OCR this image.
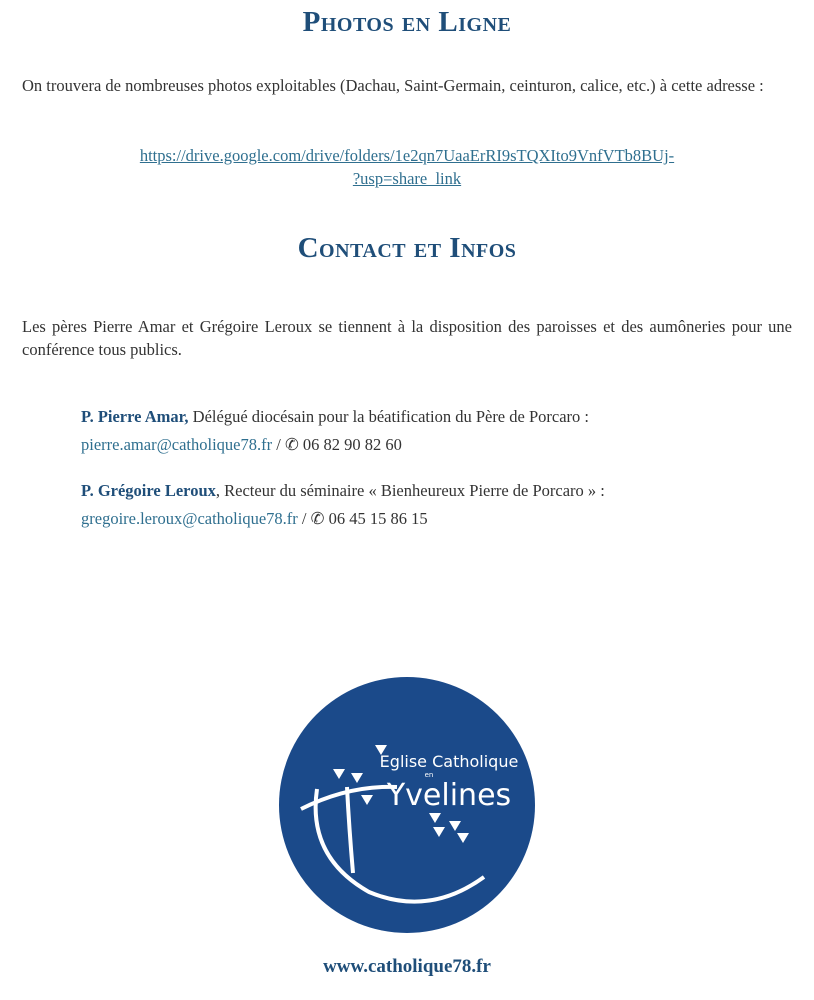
Photos en Ligne

On trouvera de nombreuses photos exploitables (Dachau, Saint-Germain, ceinturon, calice, etc.) à cette adresse :

https://drive.google.com/drive/folders/1e2qn7UaaErRI9sTQXIto9VnfVTb8BUj-
?usp=share_link

Contact et Infos

Les pères Pierre Amar et Grégoire Leroux se tiennent à la disposition des paroisses et des aumôneries pour une conférence tous publics.

P. Pierre Amar, Délégué diocésain pour la béatification du Père de Porcaro :
pierre.amar@catholique78.fr / ✆ 06 82 90 82 60
P. Grégoire Leroux, Recteur du séminaire « Bienheureux Pierre de Porcaro » :
gregoire.leroux@catholique78.fr / ✆ 06 45 15 86 15
Eglise Catholique
en
Yvelines
www.catholique78.fr
